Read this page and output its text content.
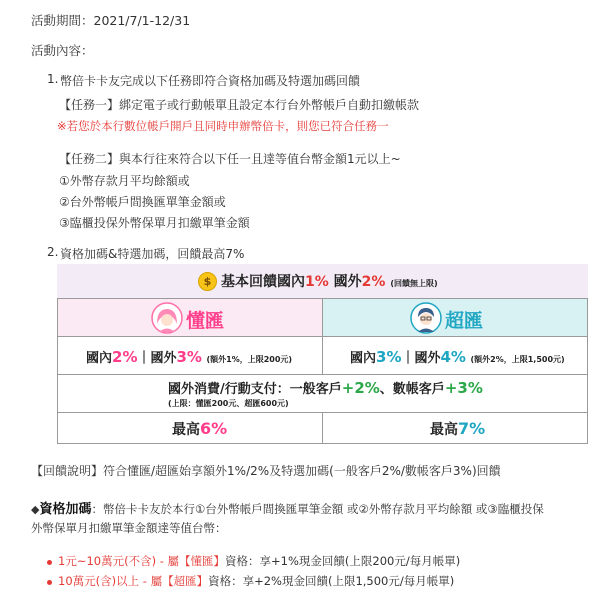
活動期間：2021/7/1-12/31
活動內容：
1. 幣倍卡卡友完成以下任務即符合資格加碼及特選加碼回饋
【任務一】綁定電子或行動帳單且設定本行台外幣帳戶自動扣繳帳款
※若您於本行數位帳戶開戶且同時申辦幣倍卡，則您已符合任務一
【任務二】與本行往來符合以下任一且達等值台幣金額1元以上~
①外幣存款月平均餘額或
②台外幣帳戶間換匯單筆金額或
③臨櫃投保外幣保單月扣繳單筆金額
2. 資格加碼&特選加碼，回饋最高7%
$ 基本回饋國內1% 國外2% (回饋無上限)
懂匯	超匯
國內2%｜國外3% (額外1%，上限200元)	國內3%｜國外4% (額外2%，上限1,500元)
國外消費/行動支付：一般客戶+2%、數帳客戶+3%
(上限：懂匯200元、超匯600元)
最高6%	最高7%
【回饋說明】符合懂匯/超匯始享額外1%/2%及特選加碼(一般客戶2%/數帳客戶3%)回饋
◆資格加碼：幣倍卡卡友於本行①台外幣帳戶間換匯單筆金額 或②外幣存款月平均餘額 或③臨櫃投保
外幣保單月扣繳單筆金額達等值台幣：
1元~10萬元(不含) - 屬【懂匯】資格：享+1%現金回饋(上限200元/每月帳單)
10萬元(含)以上 - 屬【超匯】資格：享+2%現金回饋(上限1,500元/每月帳單)
